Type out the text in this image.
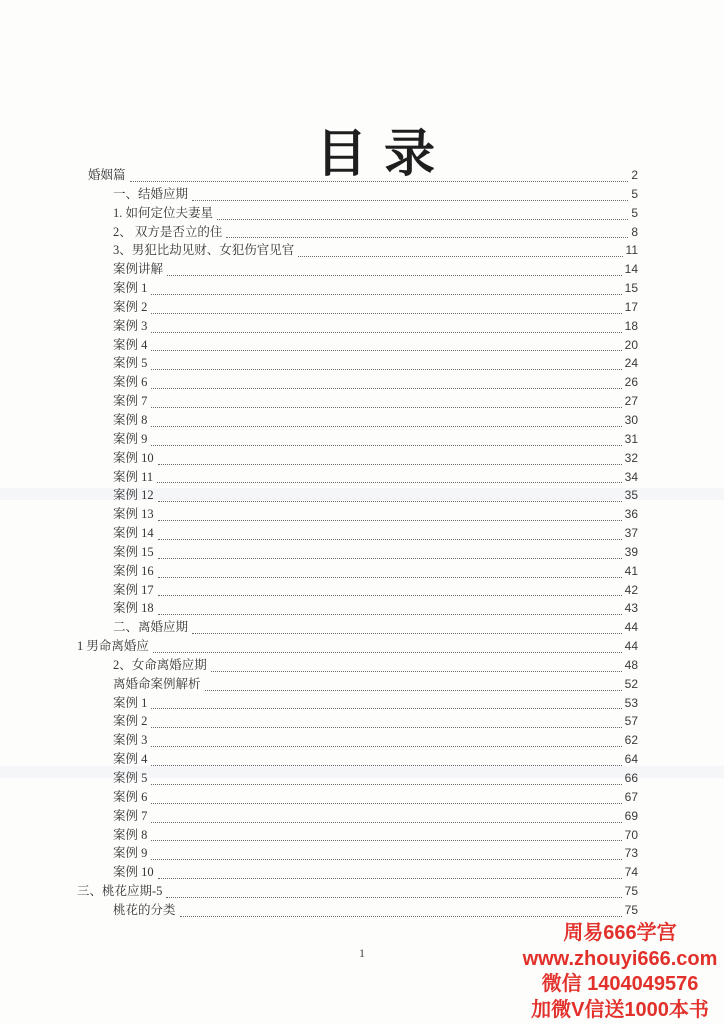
目录
婚姻篇	2
一、结婚应期	5
1. 如何定位夫妻星	5
2、 双方是否立的住	8
3、男犯比劫见财、女犯伤官见官	11
案例讲解	14
案例 1	15
案例 2	17
案例 3	18
案例 4	20
案例 5	24
案例 6	26
案例 7	27
案例 8	30
案例 9	31
案例 10	32
案例 11	34
案例 12	35
案例 13	36
案例 14	37
案例 15	39
案例 16	41
案例 17	42
案例 18	43
二、离婚应期	44
1 男命离婚应	44
2、女命离婚应期	48
离婚命案例解析	52
案例 1	53
案例 2	57
案例 3	62
案例 4	64
案例 5	66
案例 6	67
案例 7	69
案例 8	70
案例 9	73
案例 10	74
三、桃花应期-5	75
桃花的分类	75
1
周易666学宫
www.zhouyi666.com
微信 1404049576
加微V信送1000本书
